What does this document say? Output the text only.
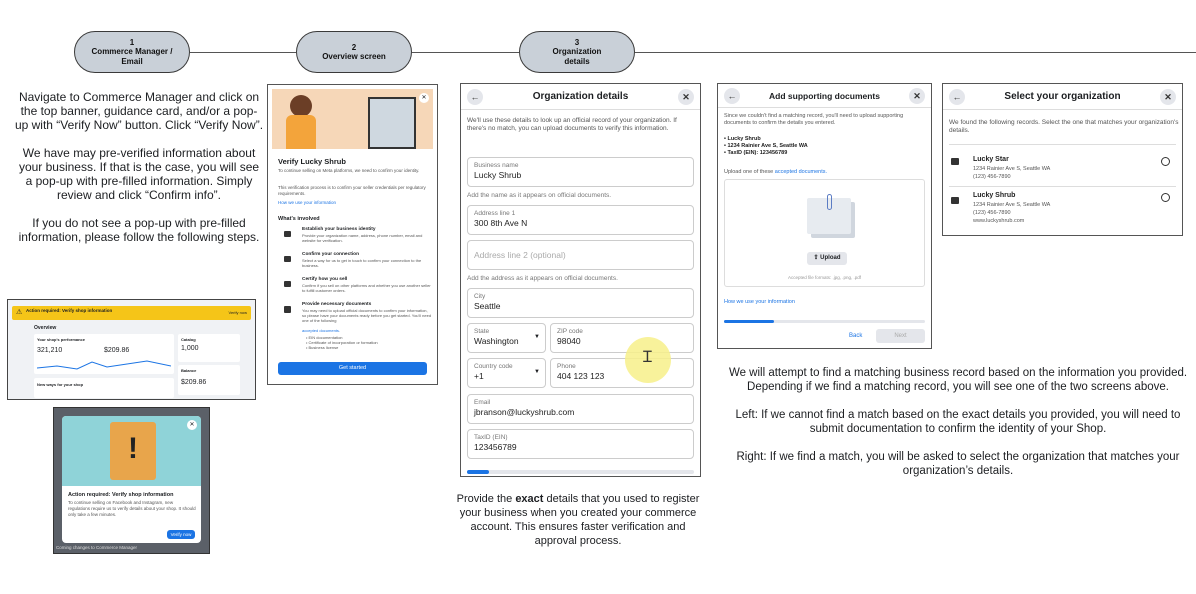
1
Commerce Manager / Email
2
Overview screen
3
Organization details

Navigate to Commerce Manager and click on the top banner, guidance card, and/or a pop-up with “Verify Now” button. Click “Verify Now”.

We have may pre-verified information about your business. If that is the case, you will see a pop-up with pre-filled information. Simply review and click “Confirm info”.

If you do not see a pop-up with pre-filled information, please follow the following steps.

⚠ Action required: Verify shop information	Verify now
Overview
Your shop's performance
321,210	$209.86
Catalog
1,000
Balance
$209.86
New ways for your shop
!
✕
Action required: Verify shop information
To continue selling on Facebook and Instagram, new regulations require us to verify details about your shop. It should only take a few minutes.
Verify now
Coming changes to Commerce Manager
✕
Verify Lucky Shrub
To continue selling on Meta platforms, we need to confirm your identity.
This verification process is to confirm your seller credentials per regulatory requirements.
How we use your information
What's involved
Establish your business identity
Provide your organization name, address, phone number, email and website for verification.
Confirm your connection
Select a way for us to get in touch to confirm your connection to the business.
Certify how you sell
Confirm if you sell on other platforms and whether you use another seller to fulfill customer orders.
Provide necessary documents
You may need to upload official documents to confirm your information, so please have your documents ready before you get started. You'll need one of the following
accepted documents.
• EIN documentation
• Certificate of incorporation or formation
• Business license
Get started
←	Organization details	✕
We'll use these details to look up an official record of your organization. If there's no match, you can upload documents to verify this information.
Business name
Lucky Shrub
Add the name as it appears on official documents.
Address line 1
300 8th Ave N
Address line 2 (optional)
Add the address as it appears on official documents.
City
Seattle
State
Washington	▼
ZIP code
98040
Country code
+1	▼
Phone
404 123 123
Email
jbranson@luckyshrub.com
TaxID (EIN)
123456789
Ɪ
Provide the exact details that you used to register your business when you created your commerce account. This ensures faster verification and approval process.
←	Add supporting documents	✕
Since we couldn't find a matching record, you'll need to upload supporting documents to confirm the details you entered.
• Lucky Shrub
• 1234 Rainier Ave S, Seattle WA
• TaxID (EIN): 123456789
Upload one of these accepted documents.
⇪ Upload
Accepted file formats: .jpg, .png, .pdf
How we use your information
Back	Next
←	Select your organization	✕
We found the following records. Select the one that matches your organization's details.
Lucky Star
1234 Rainier Ave S, Seattle WA
(123) 456-7890
Lucky Shrub
1234 Rainier Ave S, Seattle WA
(123) 456-7890
www.luckyshrub.com

We will attempt to find a matching business record based on the information you provided. Depending if we find a matching record, you will see one of the two screens above.

Left: If we cannot find a match based on the exact details you provided, you will need to submit documentation to confirm the identity of your Shop.

Right: If we find a match, you will be asked to select the organization that matches your organization’s details.
